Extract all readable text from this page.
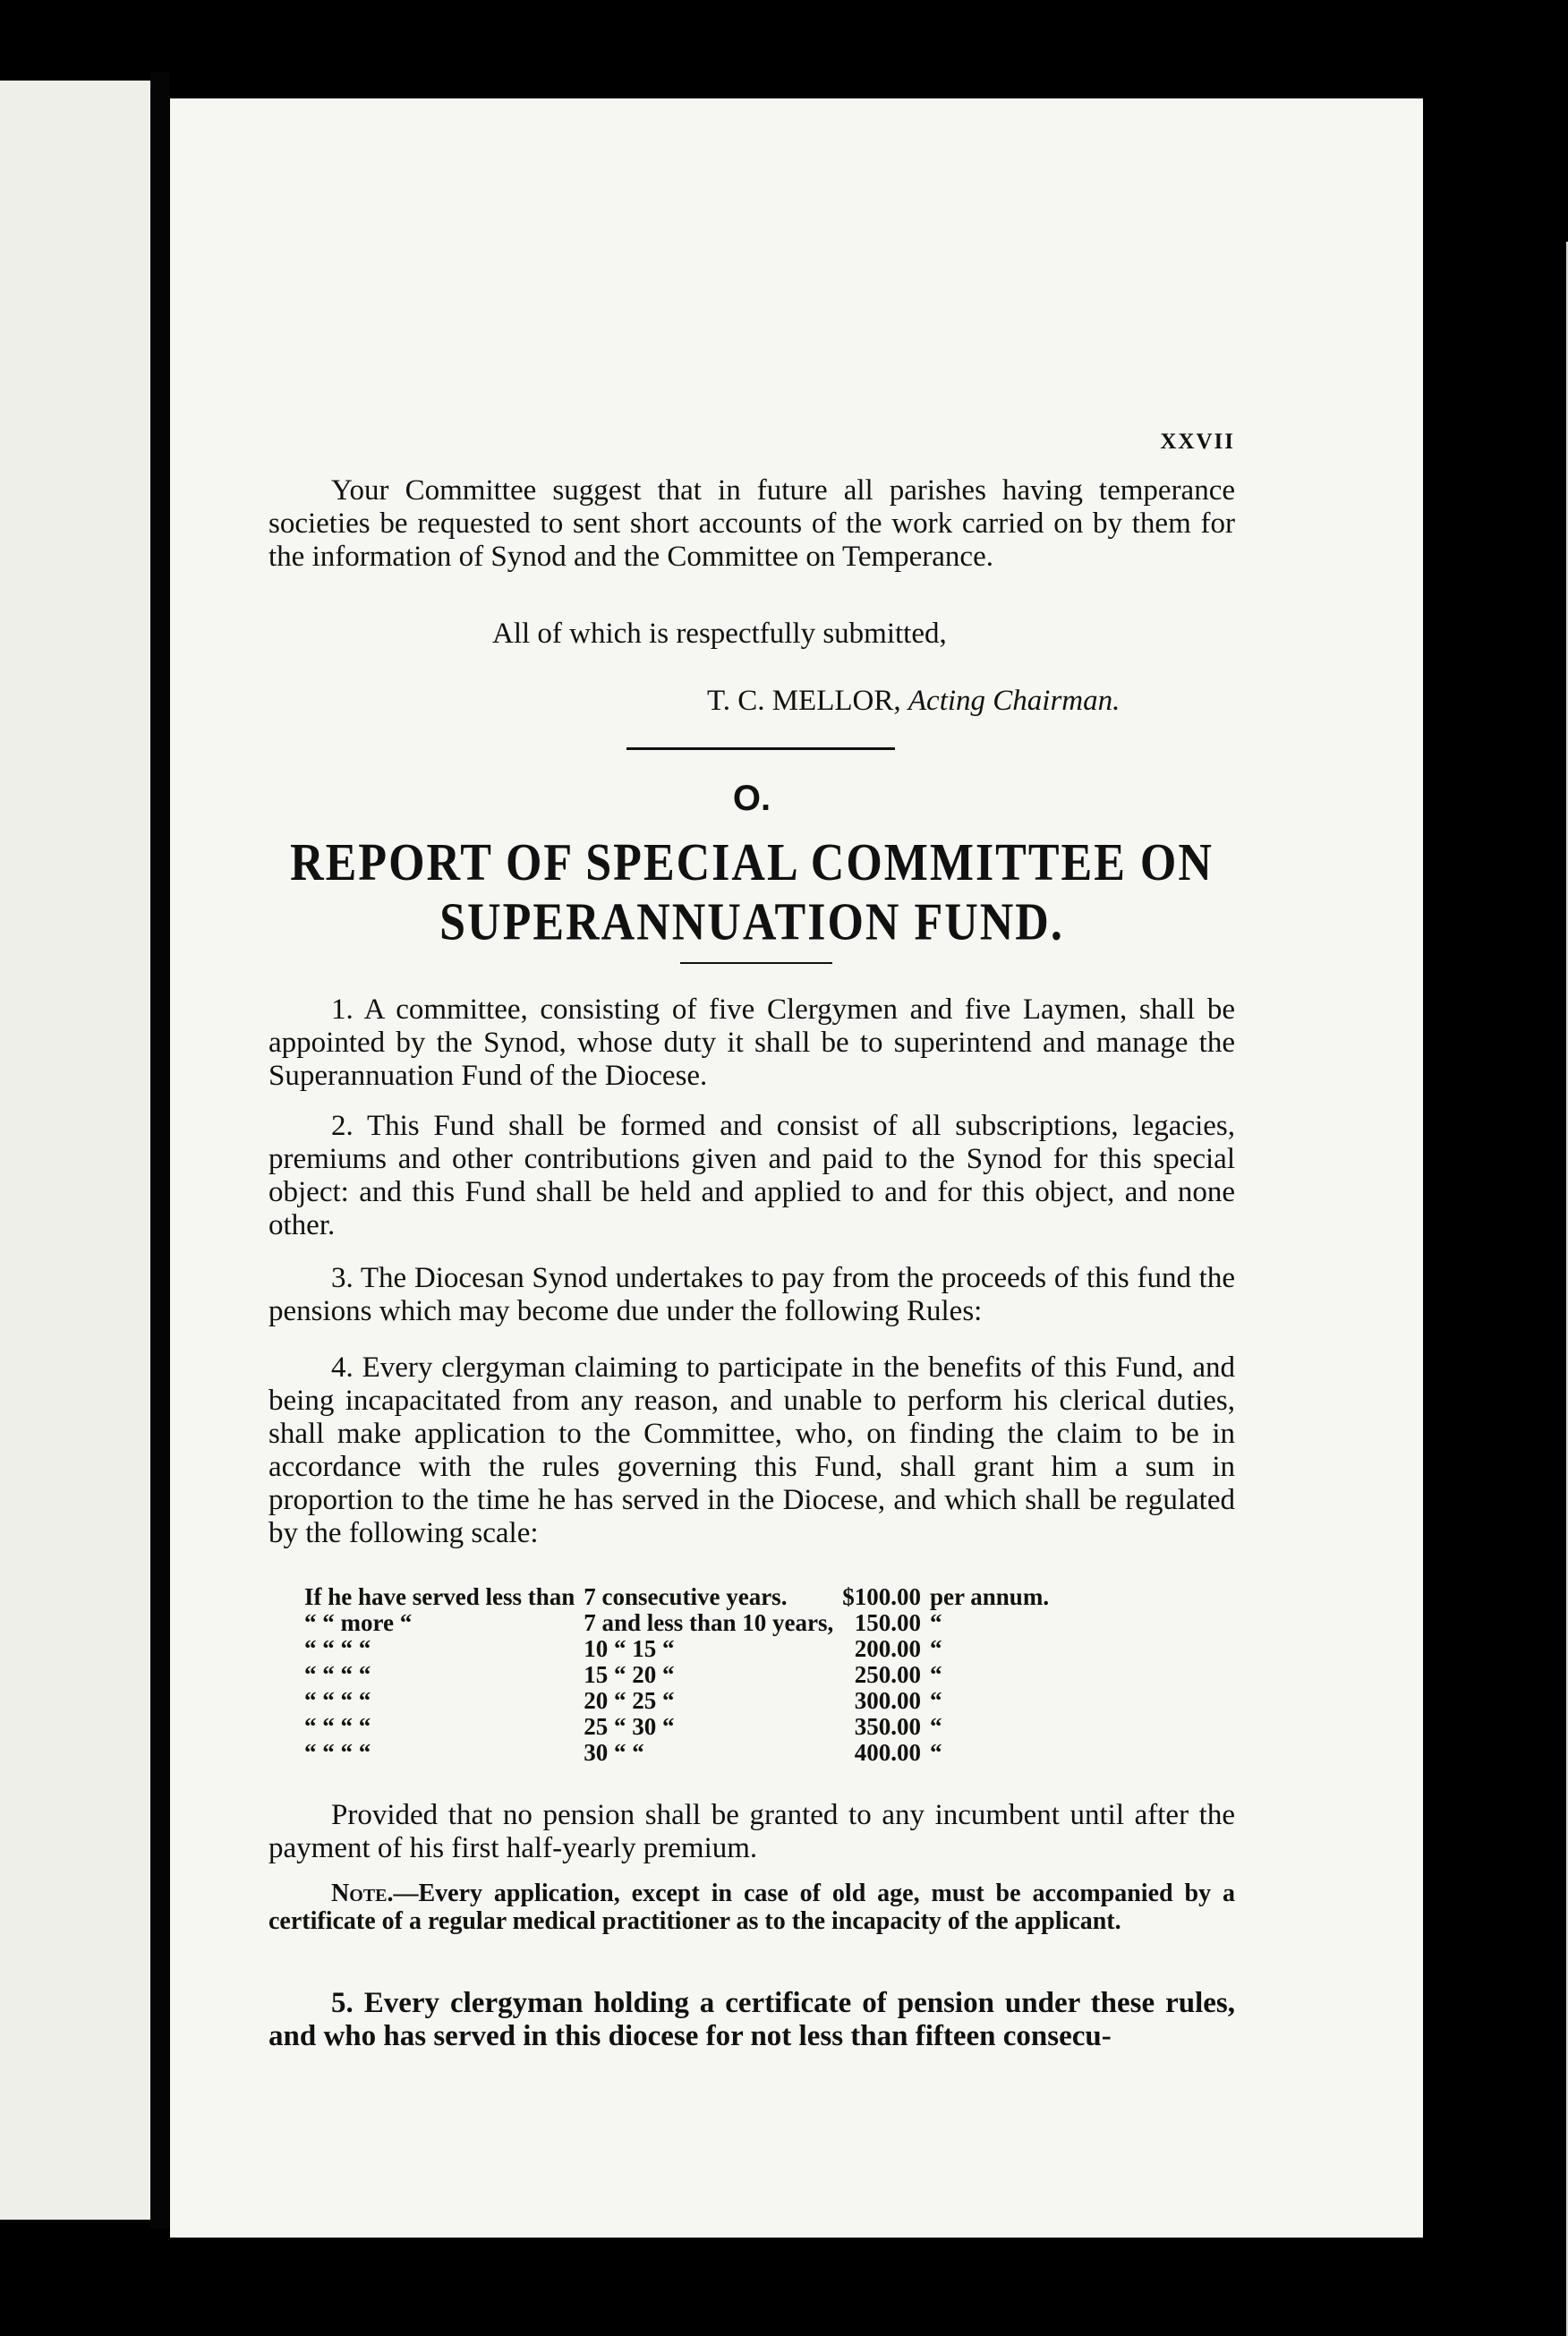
XXVII

Your Committee suggest that in future all parishes having temperance societies be requested to sent short accounts of the work carried on by them for the information of Synod and the Committee on Temperance.

All of which is respectfully submitted,
T. C. MELLOR, Acting Chairman.
O.
REPORT OF SPECIAL COMMITTEE ON
SUPERANNUATION FUND.

1. A committee, consisting of five Clergymen and five Laymen, shall be appointed by the Synod, whose duty it shall be to superintend and manage the Superannuation Fund of the Diocese.

2. This Fund shall be formed and consist of all subscriptions, legacies, premiums and other contributions given and paid to the Synod for this special object: and this Fund shall be held and applied to and for this object, and none other.

3. The Diocesan Synod undertakes to pay from the proceeds of this fund the pensions which may become due under the following Rules:

4. Every clergyman claiming to participate in the benefits of this Fund, and being incapacitated from any reason, and unable to perform his clerical duties, shall make application to the Committee, who, on finding the claim to be in accordance with the rules governing this Fund, shall grant him a sum in proportion to the time he has served in the Diocese, and which shall be regulated by the following scale:

If he have served less than	7 consecutive years.	$100.00	per annum.
“ “ more “	7 and less than 10 years,	150.00	“
“ “ “ “	10 “ 15 “	200.00	“
“ “ “ “	15 “ 20 “	250.00	“
“ “ “ “	20 “ 25 “	300.00	“
“ “ “ “	25 “ 30 “	350.00	“
“ “ “ “	30 “ “	400.00	“

Provided that no pension shall be granted to any incumbent until after the payment of his first half-yearly premium.

Note.—Every application, except in case of old age, must be accompanied by a certificate of a regular medical practitioner as to the incapacity of the applicant.

5. Every clergyman holding a certificate of pension under these rules, and who has served in this diocese for not less than fifteen consecu-
